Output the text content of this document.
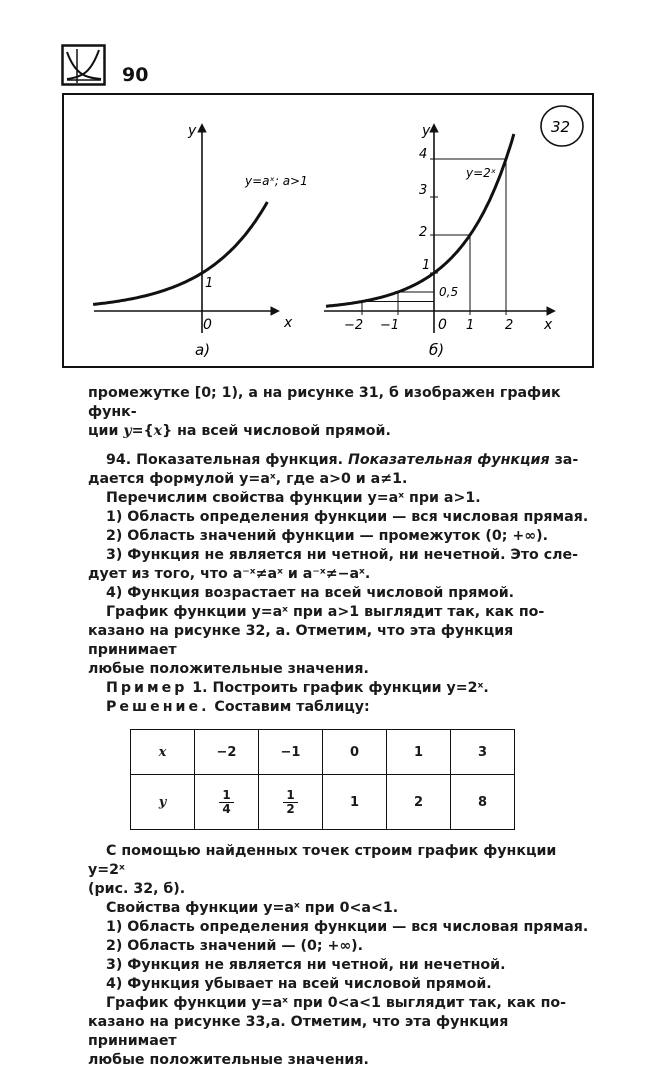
90
y
x
0
1
y=aˣ; a>1
а)
y
x
0
−2 −1	1 2
4
3
2
1
0,5
y=2ˣ
б)
32

промежутке [0; 1), а на рисунке 31, б изображен график функ-

ции y={x} на всей числовой прямой.

94. Показательная функция. Показательная функция за-

дается формулой y=aˣ, где a>0 и a≠1.

Перечислим свойства функции y=aˣ при a>1.

1) Область определения функции — вся числовая прямая.

2) Область значений функции — промежуток (0; +∞).

3) Функция не является ни четной, ни нечетной. Это сле-

дует из того, что a⁻ˣ≠aˣ и a⁻ˣ≠−aˣ.

4) Функция возрастает на всей числовой прямой.

График функции y=aˣ при a>1 выглядит так, как по-

казано на рисунке 32, а. Отметим, что эта функция принимает

любые положительные значения.

Пример 1. Построить график функции y=2ˣ.

Решение. Составим таблицу:

x	−2	−1	0	1	3
y	$\frac{1}{4}$	$\frac{1}{2}$	1	2	8

С помощью найденных точек строим график функции y=2ˣ

(рис. 32, б).

Свойства функции y=aˣ при 0<a<1.

1) Область определения функции — вся числовая прямая.

2) Область значений — (0; +∞).

3) Функция не является ни четной, ни нечетной.

4) Функция убывает на всей числовой прямой.

График функции y=aˣ при 0<a<1 выглядит так, как по-

казано на рисунке 33,а. Отметим, что эта функция принимает

любые положительные значения.
